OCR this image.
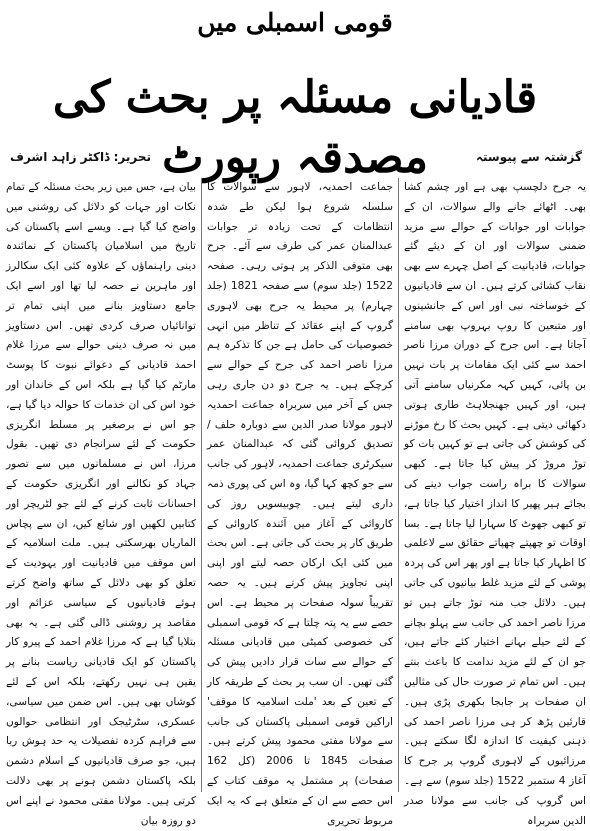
قومی اسمبلی میں
قادیانی مسئلہ پر بحث کی مصدقہ رپورٹ	گزشتہ سے پیوستہ
تحریر: ڈاکٹر زاہد اشرف

یہ جرح دلچسپ بھی ہے اور چشم کشا بھی۔ اٹھائے جانے والے سوالات، ان کے جوابات اور جوابات کے حوالے سے مزید ضمنی سوالات اور ان کے دیئے گئے جوابات، قادیانیت کے اصل چہرے سے بھی نقاب کشائی کرتے ہیں۔ ان سے قادیانیوں کے خوساختہ نبی اور اس کے جانشینوں اور متبعین کا روپ بہروپ بھی سامنے آجاتا ہے۔ اس جرح کے دوران مرزا ناصر احمد سے کئی ایک مقامات پر بات نہیں بن پائی، کہیں کہہ مکرنیاں سامنے آتی ہیں، اور کہیں جھنجلاہٹ طاری ہوتی دکھائی دیتی ہے۔ کہیں بحث کا رخ موڑنے کی کوشش کی جاتی ہے تو کہیں بات کو توڑ مروڑ کر پیش کیا جاتا ہے۔ کبھی سوالات کا براہ راست جواب دینے کی بجائے ہیر پھیر کا انداز اختیار کیا جاتا ہے، تو کبھی جھوٹ کا سہارا لیا جاتا ہے۔ بسا اوقات تو چھپتے چھپاتے حقائق سے لاعلمی کا اظہار کیا جاتا ہے اور پھر اس کی پردہ پوشی کے لئے مزید غلط بیانیوں کی جاتی ہیں۔ دلائل جب منہ توڑ جاتے ہیں تو مرزا ناصر احمد کی جانب سے پہلو بچانے کے لئے حیلے بہانے اختیار کئے جاتے ہیں، جو ان کے لئے مزید ندامت کا باعث بنتے ہیں۔ اس تمام تر صورت حال کی مثالیں ان صفحات پر جابجا بکھری پڑی ہیں۔ قارئین پڑھ کر ہی مرزا ناصر احمد کی ذہنی کیفیت کا اندازہ لگا سکتے ہیں۔ مرزائیوں کے لاہوری گروپ پر جرح کا آغاز 4 ستمبر 1522 (جلد سوم) سے ہے۔ اس گروپ کی جانب سے مولانا صدر الدین سربراہ

جماعت احمدیہ، لاہور سے سوالات کا سلسلہ شروع ہوا لیکن طے شدہ انتظامات کے تحت زیادہ تر جوابات عبدالمنان عمر کی طرف سے آئے۔ جرح بھی متوفی الذکر پر ہوتی رہی۔ صفحہ 1522 (جلد سوم) سے صفحہ 1821 (جلد چہارم) پر محیط یہ جرح بھی لاہوری گروپ کے اپنے عقائد کے تناظر میں انہی خصوصیات کی حامل ہے جن کا تذکرہ ہم مرزا ناصر احمد کی جرح کے حوالے سے کرچکے ہیں۔ یہ جرح دو دن جاری رہی جس کے آخر میں سربراہ جماعت احمدیہ لاہور مولانا صدر الدین سے دوبارہ حلف / تصدیق کروائی گئی کہ عبدالمنان عمر سیکرٹری جماعت احمدیہ، لاہور کی جانب سے جو کچھ کہا گیا، وہ اس کی پوری ذمہ داری لیتے ہیں۔ چوبیسویں روز کی کاروائی کے آغاز میں آئندہ کاروائی کے طریق کار پر بحث کی جاتی ہے۔ اس بحث میں کئی ایک ارکان حصہ لیتے اور اپنی اپنی تجاویز پیش کرتے ہیں۔ یہ حصہ تقریباً سولہ صفحات پر محیط ہے۔ اس حصے سے یہ پتہ چلتا ہے کہ قومی اسمبلی کی خصوصی کمیٹی میں قادیانی مسئلہ کے حوالے سے سات قرار دادیں پیش کی گئی تھیں۔ ان سب پر بحث کے طریقہ کار کے تعین کے بعد 'ملت اسلامیہ کا موقف' اراکین قومی اسمبلی پاکستان کی جانب سے مولانا مفتی محمود پیش کرتے ہیں۔ صفحات 1845 تا 2006 (کل 162 صفحات) پر مشتمل یہ موقف کتاب کے اس حصے سے ان کے متعلق ہے کہ یہ ایک مربوط تحریری

بیان ہے، جس میں زیر بحث مسئلہ کے تمام نکات اور جہات کو دلائل کی روشنی میں واضح کیا گیا ہے۔ ویسے اسے پاکستان کی تاریخ میں اسلامیان پاکستان کے نمائندہ دینی راہنماؤں کے علاوہ کئی ایک سکالرز اور ماہرین نے حصہ لیا تھا اور اسے ایک جامع دستاویز بنانے میں اپنی تمام تر توانائیاں صرف کردی تھیں۔ اس دستاویز میں نہ صرف دینی حوالے سے مرزا غلام احمد قادیانی کے دعوائے نبوت کا پوسٹ مارٹم کیا گیا ہے بلکہ اس کے خاندان اور خود اس کی ان خدمات کا حوالہ دیا گیا ہے، جو اس نے برصغیر پر مسلط انگریزی حکومت کے لئے سرانجام دی تھیں۔ بقول مرزا، اس نے مسلمانوں میں سے تصور جہاد کو نکالنے اور انگریزی حکومت کے احسانات ثابت کرنے کے لئے جو لٹریچر اور کتابیں لکھیں اور شائع کیں، ان سے پچاس الماریاں بھرسکتی ہیں۔ ملت اسلامیہ کے اس موقف میں قادیانیت اور یہودیت کے تعلق کو بھی دلائل کے ساتھ واضح کرتے ہوئے قادیانیوں کے سیاسی عزائم اور مقاصد پر روشنی ڈالی گئی ہے۔ یہ بھی بتلایا گیا ہے کہ مرزا غلام احمد کے پیرو کار پاکستان کو ایک قادیانی ریاست بنانے پر یقین ہی نہیں رکھتے، بلکہ اس کے لئے کوشاں بھی ہیں۔ اس ضمن میں سیاسی، عسکری، سٹرٹیجک اور انتظامی حوالوں سے فراہم کردہ تفصیلات یہ حد ہوش ربا ہیں، جو صرف قادیانیوں کے اسلام دشمن بلکہ پاکستان دشمن ہونے پر بھی دلالت کرتی ہیں۔ مولانا مفتی محمود نے اپنے اس دو روزہ بیان
